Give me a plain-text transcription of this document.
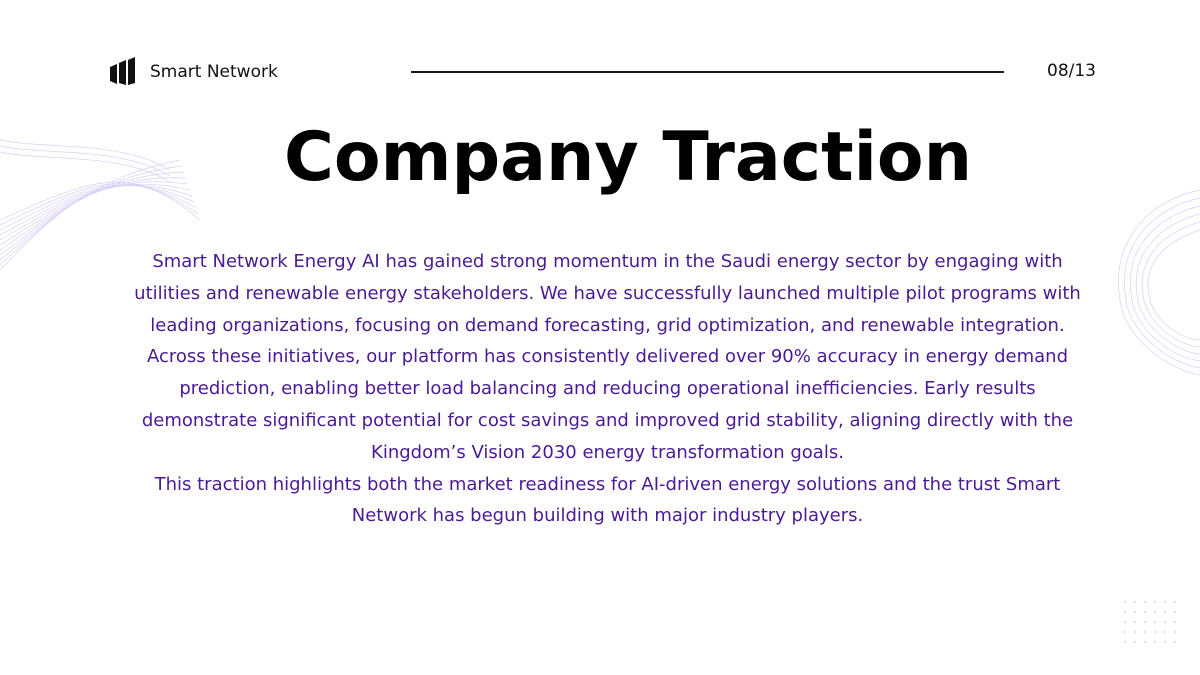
Smart Network	08/13
Company Traction

Smart Network Energy AI has gained strong momentum in the Saudi energy sector by engaging with utilities and renewable energy stakeholders. We have successfully launched multiple pilot programs with leading organizations, focusing on demand forecasting, grid optimization, and renewable integration.

Across these initiatives, our platform has consistently delivered over 90% accuracy in energy demand prediction, enabling better load balancing and reducing operational inefficiencies. Early results demonstrate significant potential for cost savings and improved grid stability, aligning directly with the Kingdom’s Vision 2030 energy transformation goals.

This traction highlights both the market readiness for AI-driven energy solutions and the trust Smart Network has begun building with major industry players.
